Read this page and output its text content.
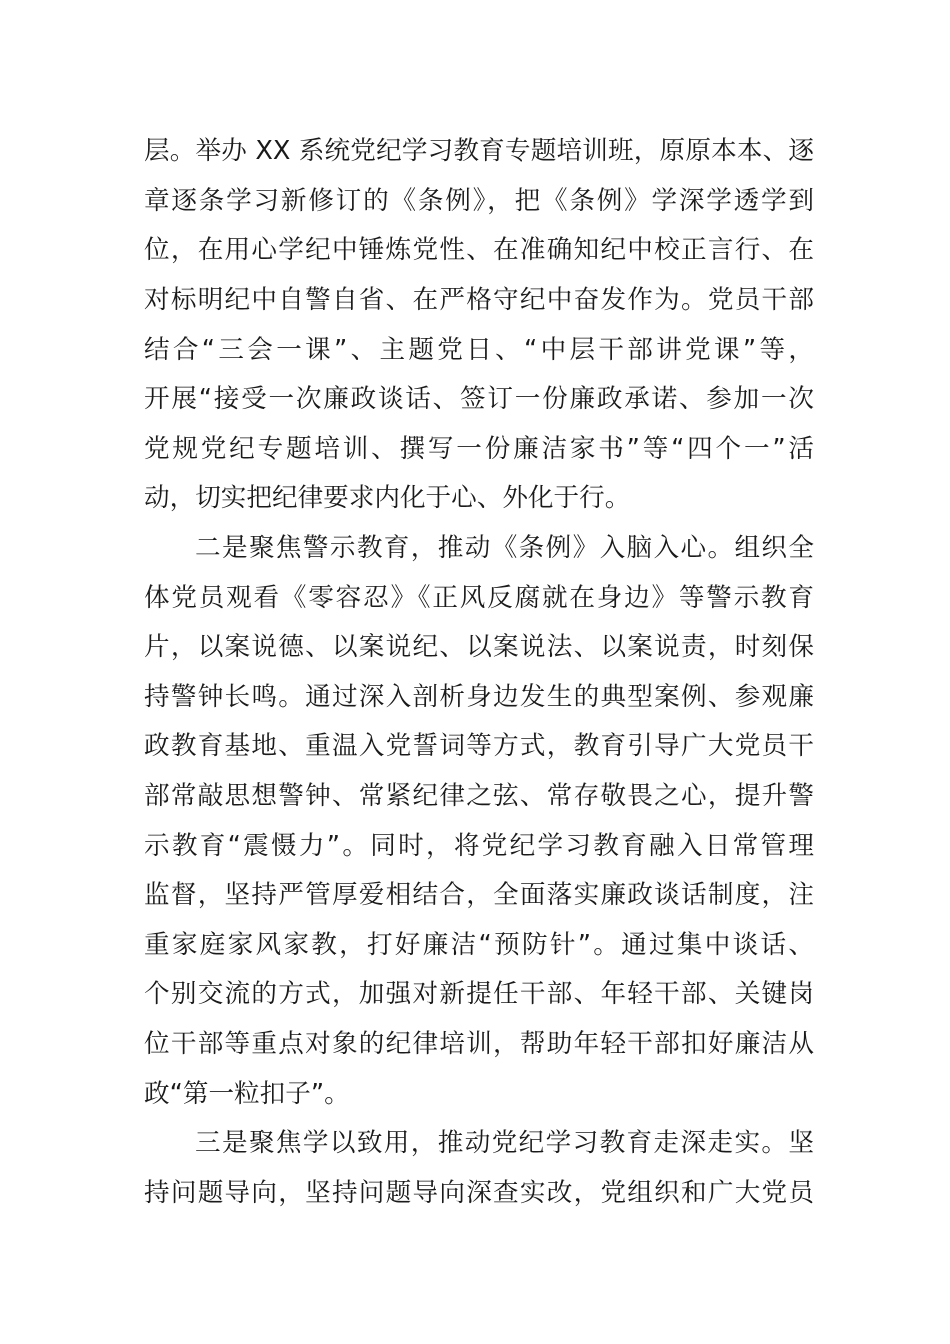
层。举办 XX 系统党纪学习教育专题培训班，原原本本、逐
章逐条学习新修订的《条例》，把《条例》学深学透学到
位，在用心学纪中锤炼党性、在准确知纪中校正言行、在
对标明纪中自警自省、在严格守纪中奋发作为。党员干部
结合“三会一课”、主题党日、“中层干部讲党课”等，
开展“接受一次廉政谈话、签订一份廉政承诺、参加一次
党规党纪专题培训、撰写一份廉洁家书”等“四个一”活
动，切实把纪律要求内化于心、外化于行。
二是聚焦警示教育，推动《条例》入脑入心。组织全
体党员观看《零容忍》《正风反腐就在身边》等警示教育
片，以案说德、以案说纪、以案说法、以案说责，时刻保
持警钟长鸣。通过深入剖析身边发生的典型案例、参观廉
政教育基地、重温入党誓词等方式，教育引导广大党员干
部常敲思想警钟、常紧纪律之弦、常存敬畏之心，提升警
示教育“震慑力”。同时，将党纪学习教育融入日常管理
监督，坚持严管厚爱相结合，全面落实廉政谈话制度，注
重家庭家风家教，打好廉洁“预防针”。通过集中谈话、
个别交流的方式，加强对新提任干部、年轻干部、关键岗
位干部等重点对象的纪律培训，帮助年轻干部扣好廉洁从
政“第一粒扣子”。
三是聚焦学以致用，推动党纪学习教育走深走实。坚
持问题导向，坚持问题导向深查实改，党组织和广大党员
